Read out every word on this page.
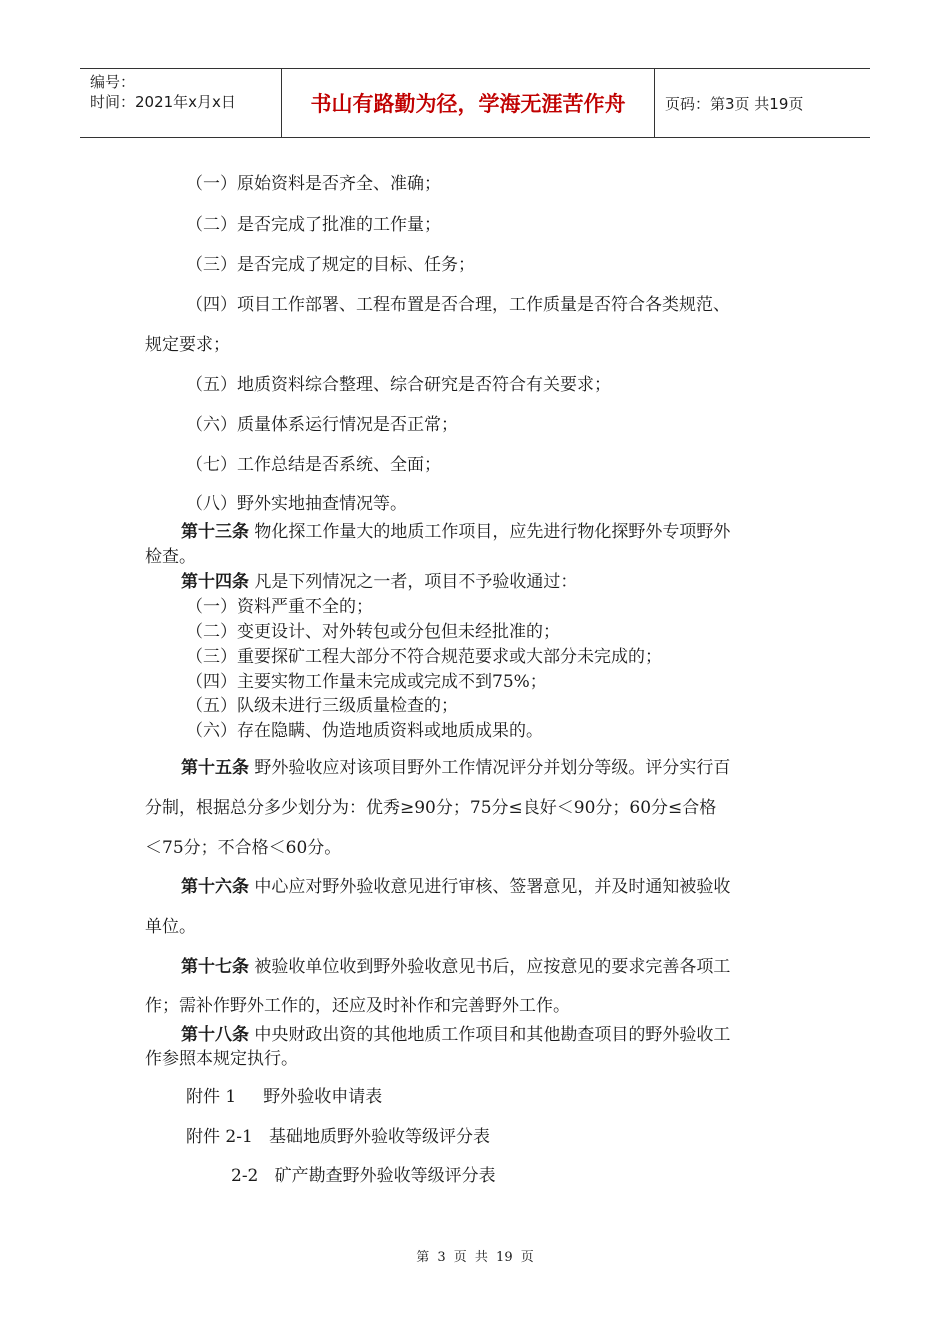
编号：
时间：2021年x月x日	书山有路勤为径，学海无涯苦作舟	页码：第3页 共19页
（一）原始资料是否齐全、准确；
（二）是否完成了批准的工作量；
（三）是否完成了规定的目标、任务；
（四）项目工作部署、工程布置是否合理，工作质量是否符合各类规范、
规定要求；
（五）地质资料综合整理、综合研究是否符合有关要求；
（六）质量体系运行情况是否正常；
（七）工作总结是否系统、全面；
（八）野外实地抽查情况等。
第十三条 物化探工作量大的地质工作项目，应先进行物化探野外专项野外
检查。
第十四条 凡是下列情况之一者，项目不予验收通过：
（一）资料严重不全的；
（二）变更设计、对外转包或分包但未经批准的；
（三）重要探矿工程大部分不符合规范要求或大部分未完成的；
（四）主要实物工作量未完成或完成不到75%；
（五）队级未进行三级质量检查的；
（六）存在隐瞒、伪造地质资料或地质成果的。
第十五条 野外验收应对该项目野外工作情况评分并划分等级。评分实行百
分制，根据总分多少划分为：优秀≥90分；75分≤良好＜90分；60分≤合格
＜75分；不合格＜60分。
第十六条 中心应对野外验收意见进行审核、签署意见，并及时通知被验收
单位。
第十七条 被验收单位收到野外验收意见书后，应按意见的要求完善各项工
作；需补作野外工作的，还应及时补作和完善野外工作。
第十八条 中央财政出资的其他地质工作项目和其他勘查项目的野外验收工
作参照本规定执行。
附件 1     野外验收申请表
附件 2-1   基础地质野外验收等级评分表
2-2   矿产勘查野外验收等级评分表
第 3 页 共 19 页
